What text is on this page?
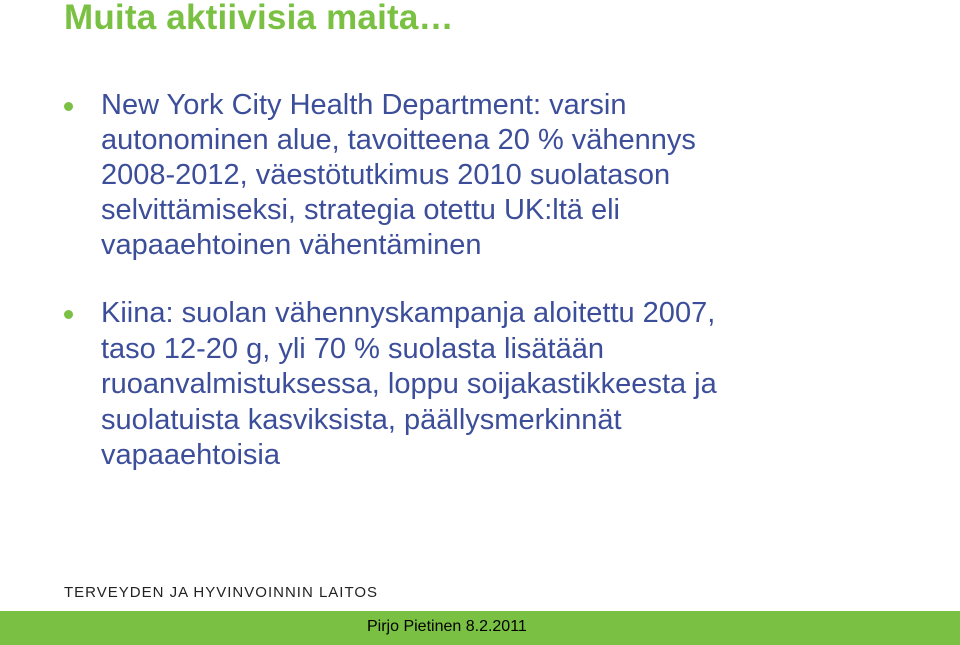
Muita aktiivisia maita…
New York City Health Department: varsin
autonominen alue, tavoitteena 20 % vähennys
2008-2012, väestötutkimus 2010 suolatason
selvittämiseksi, strategia otettu UK:ltä eli
vapaaehtoinen vähentäminen
Kiina: suolan vähennyskampanja aloitettu 2007,
taso 12-20 g, yli 70 % suolasta lisätään
ruoanvalmistuksessa, loppu soijakastikkeesta ja
suolatuista kasviksista, päällysmerkinnät
vapaaehtoisia
TERVEYDEN JA HYVINVOINNIN LAITOS
Pirjo Pietinen 8.2.2011
